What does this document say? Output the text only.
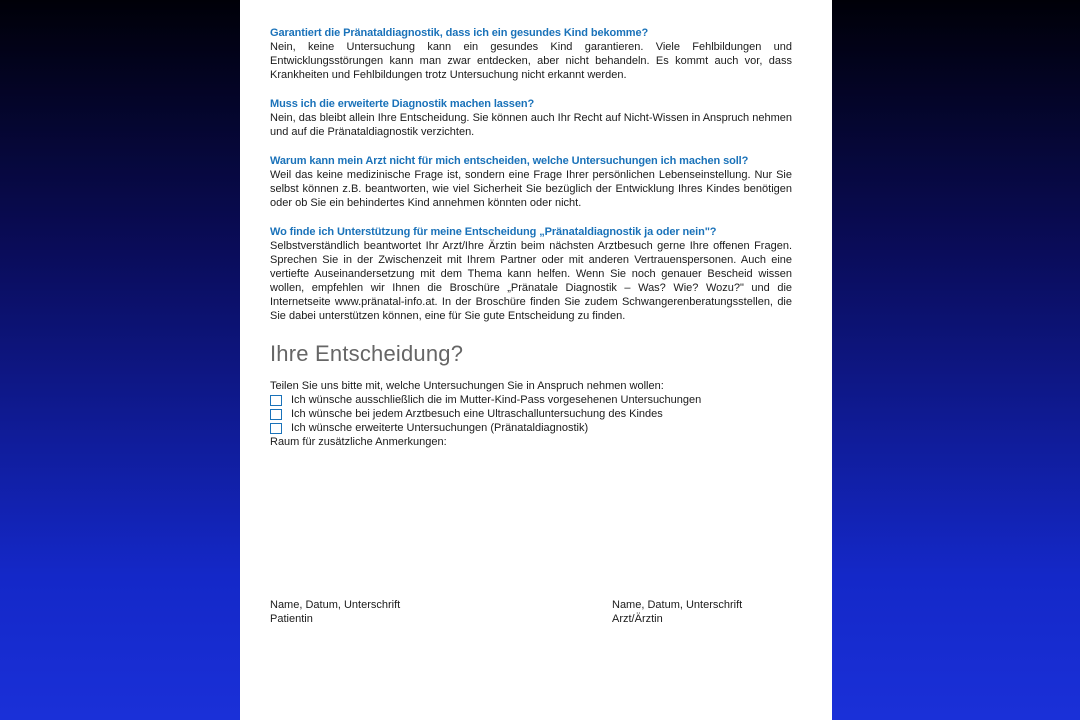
Garantiert die Pränataldiagnostik, dass ich ein gesundes Kind bekomme?
Nein, keine Untersuchung kann ein gesundes Kind garantieren. Viele Fehlbildungen und Entwicklungsstörungen kann man zwar entdecken, aber nicht behandeln. Es kommt auch vor, dass Krankheiten und Fehlbildungen trotz Untersuchung nicht erkannt werden.
Muss ich die erweiterte Diagnostik machen lassen?
Nein, das bleibt allein Ihre Entscheidung. Sie können auch Ihr Recht auf Nicht-Wissen in Anspruch nehmen und auf die Pränataldiagnostik verzichten.
Warum kann mein Arzt nicht für mich entscheiden, welche Untersuchungen ich machen soll?
Weil das keine medizinische Frage ist, sondern eine Frage Ihrer persönlichen Lebenseinstellung. Nur Sie selbst können z.B. beantworten, wie viel Sicherheit Sie bezüglich der Entwicklung Ihres Kindes benötigen oder ob Sie ein behindertes Kind annehmen könnten oder nicht.
Wo finde ich Unterstützung für meine Entscheidung „Pränataldiagnostik ja oder nein"?
Selbstverständlich beantwortet Ihr Arzt/Ihre Ärztin beim nächsten Arztbesuch gerne Ihre offenen Fragen. Sprechen Sie in der Zwischenzeit mit Ihrem Partner oder mit anderen Vertrauenspersonen. Auch eine vertiefte Auseinandersetzung mit dem Thema kann helfen. Wenn Sie noch genauer Bescheid wissen wollen, empfehlen wir Ihnen die Broschüre „Pränatale Diagnostik – Was? Wie? Wozu?" und die Internetseite www.pränatal-info.at. In der Broschüre finden Sie zudem Schwangerenberatungsstellen, die Sie dabei unterstützen können, eine für Sie gute Entscheidung zu finden.
Ihre Entscheidung?
Teilen Sie uns bitte mit, welche Untersuchungen Sie in Anspruch nehmen wollen:
Ich wünsche ausschließlich die im Mutter-Kind-Pass vorgesehenen Untersuchungen
Ich wünsche bei jedem Arztbesuch eine Ultraschalluntersuchung des Kindes
Ich wünsche erweiterte Untersuchungen (Pränataldiagnostik)
Raum für zusätzliche Anmerkungen:
Name, Datum, Unterschrift
Patientin
Name, Datum, Unterschrift
Arzt/Ärztin
